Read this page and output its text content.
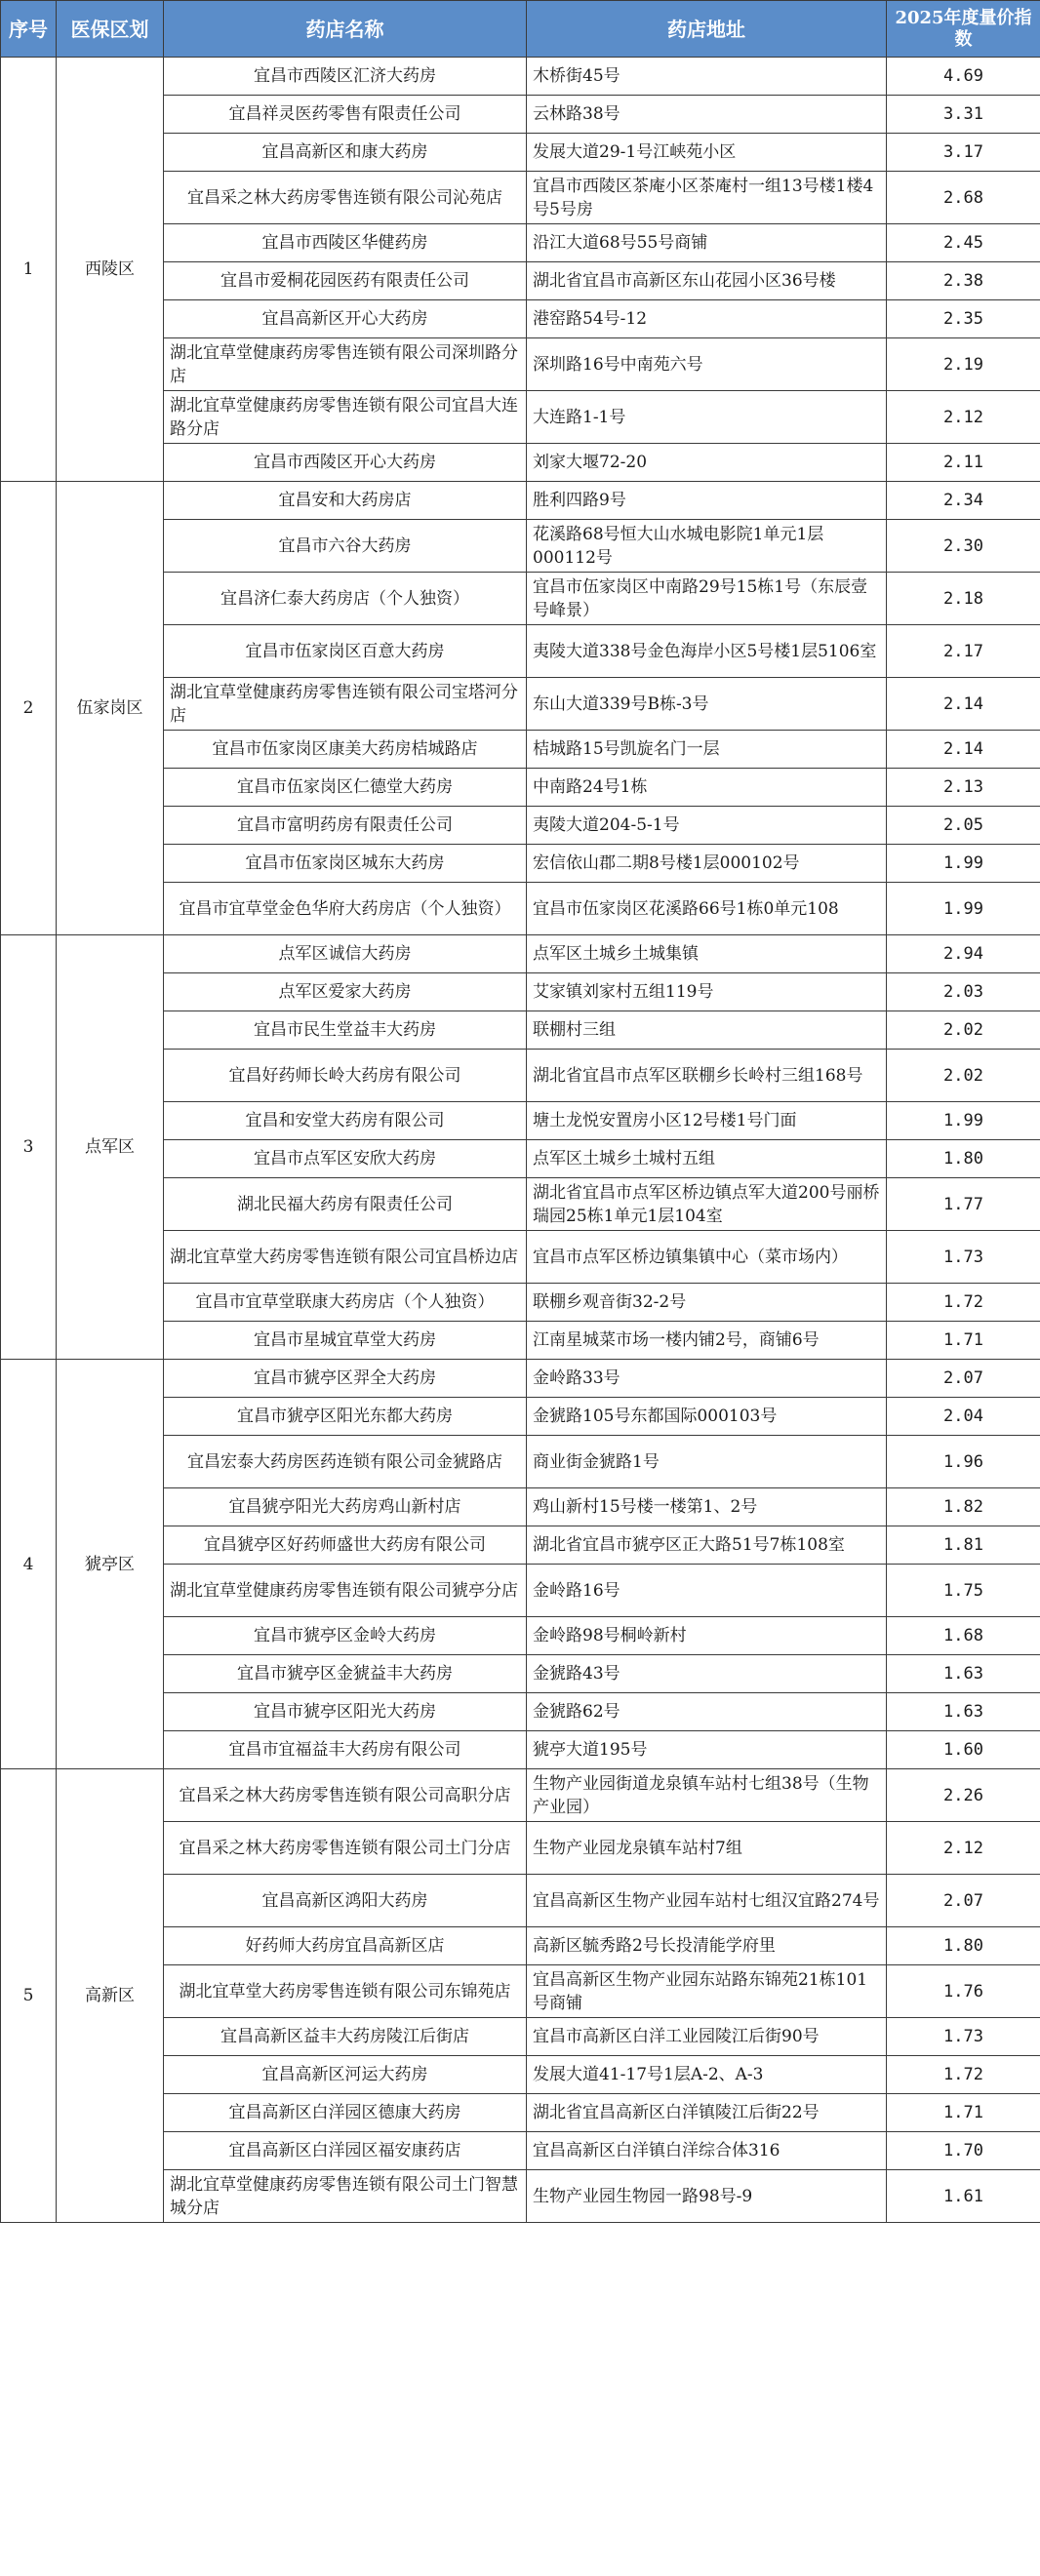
序号	医保区划	药店名称	药店地址	2025年度量价指数
1	西陵区	宜昌市西陵区汇济大药房	木桥街45号	4.69
		宜昌祥灵医药零售有限责任公司	云林路38号	3.31
		宜昌高新区和康大药房	发展大道29-1号江峡苑小区	3.17
		宜昌采之林大药房零售连锁有限公司沁苑店	宜昌市西陵区茶庵小区茶庵村一组13号楼1楼4号5号房	2.68
		宜昌市西陵区华健药房	沿江大道68号55号商铺	2.45
		宜昌市爱桐花园医药有限责任公司	湖北省宜昌市高新区东山花园小区36号楼	2.38
		宜昌高新区开心大药房	港窑路54号-12	2.35
		湖北宜草堂健康药房零售连锁有限公司深圳路分店	深圳路16号中南苑六号	2.19
		湖北宜草堂健康药房零售连锁有限公司宜昌大连路分店	大连路1-1号	2.12
		宜昌市西陵区开心大药房	刘家大堰72-20	2.11
2	伍家岗区	宜昌安和大药房店	胜利四路9号	2.34
		宜昌市六谷大药房	花溪路68号恒大山水城电影院1单元1层000112号	2.30
		宜昌济仁泰大药房店（个人独资）	宜昌市伍家岗区中南路29号15栋1号（东辰壹号峰景）	2.18
		宜昌市伍家岗区百意大药房	夷陵大道338号金色海岸小区5号楼1层5106室	2.17
		湖北宜草堂健康药房零售连锁有限公司宝塔河分店	东山大道339号B栋-3号	2.14
		宜昌市伍家岗区康美大药房桔城路店	桔城路15号凯旋名门一层	2.14
		宜昌市伍家岗区仁德堂大药房	中南路24号1栋	2.13
		宜昌市富明药房有限责任公司	夷陵大道204-5-1号	2.05
		宜昌市伍家岗区城东大药房	宏信依山郡二期8号楼1层000102号	1.99
		宜昌市宜草堂金色华府大药房店（个人独资）	宜昌市伍家岗区花溪路66号1栋0单元108	1.99
3	点军区	点军区诚信大药房	点军区土城乡土城集镇	2.94
		点军区爱家大药房	艾家镇刘家村五组119号	2.03
		宜昌市民生堂益丰大药房	联棚村三组	2.02
		宜昌好药师长岭大药房有限公司	湖北省宜昌市点军区联棚乡长岭村三组168号	2.02
		宜昌和安堂大药房有限公司	塘土龙悦安置房小区12号楼1号门面	1.99
		宜昌市点军区安欣大药房	点军区土城乡土城村五组	1.80
		湖北民福大药房有限责任公司	湖北省宜昌市点军区桥边镇点军大道200号丽桥瑞园25栋1单元1层104室	1.77
		湖北宜草堂大药房零售连锁有限公司宜昌桥边店	宜昌市点军区桥边镇集镇中心（菜市场内）	1.73
		宜昌市宜草堂联康大药房店（个人独资）	联棚乡观音街32-2号	1.72
		宜昌市星城宜草堂大药房	江南星城菜市场一楼内铺2号，商铺6号	1.71
4	猇亭区	宜昌市猇亭区羿全大药房	金岭路33号	2.07
		宜昌市猇亭区阳光东都大药房	金猇路105号东都国际000103号	2.04
		宜昌宏泰大药房医药连锁有限公司金猇路店	商业街金猇路1号	1.96
		宜昌猇亭阳光大药房鸡山新村店	鸡山新村15号楼一楼第1、2号	1.82
		宜昌猇亭区好药师盛世大药房有限公司	湖北省宜昌市猇亭区正大路51号7栋108室	1.81
		湖北宜草堂健康药房零售连锁有限公司猇亭分店	金岭路16号	1.75
		宜昌市猇亭区金岭大药房	金岭路98号桐岭新村	1.68
		宜昌市猇亭区金猇益丰大药房	金猇路43号	1.63
		宜昌市猇亭区阳光大药房	金猇路62号	1.63
		宜昌市宜福益丰大药房有限公司	猇亭大道195号	1.60
5	高新区	宜昌采之林大药房零售连锁有限公司高职分店	生物产业园街道龙泉镇车站村七组38号（生物产业园）	2.26
		宜昌采之林大药房零售连锁有限公司土门分店	生物产业园龙泉镇车站村7组	2.12
		宜昌高新区鸿阳大药房	宜昌高新区生物产业园车站村七组汉宜路274号	2.07
		好药师大药房宜昌高新区店	高新区毓秀路2号长投清能学府里	1.80
		湖北宜草堂大药房零售连锁有限公司东锦苑店	宜昌高新区生物产业园东站路东锦苑21栋101号商铺	1.76
		宜昌高新区益丰大药房陵江后街店	宜昌市高新区白洋工业园陵江后街90号	1.73
		宜昌高新区河运大药房	发展大道41-17号1层A-2、A-3	1.72
		宜昌高新区白洋园区德康大药房	湖北省宜昌高新区白洋镇陵江后街22号	1.71
		宜昌高新区白洋园区福安康药店	宜昌高新区白洋镇白洋综合体316	1.70
		湖北宜草堂健康药房零售连锁有限公司土门智慧城分店	生物产业园生物园一路98号-9	1.61
